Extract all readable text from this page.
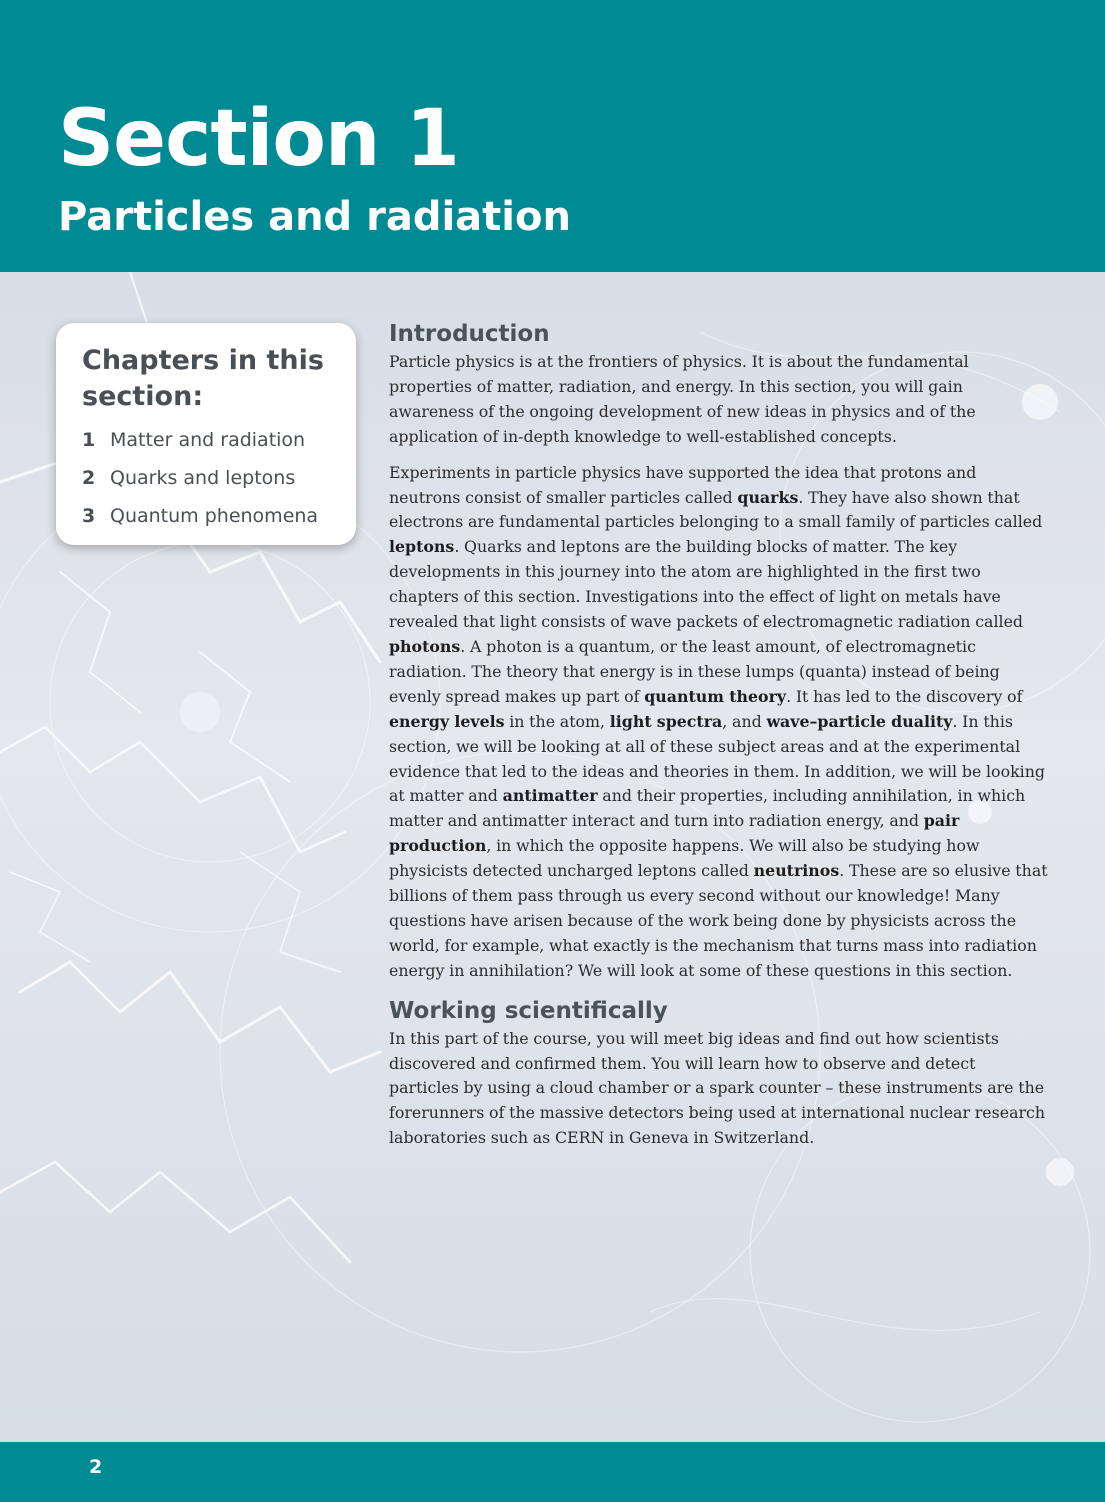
Section 1
Particles and radiation
Chapters in this section:
1 Matter and radiation
2 Quarks and leptons
3 Quantum phenomena
Introduction

Particle physics is at the frontiers of physics. It is about the fundamental properties of matter, radiation, and energy. In this section, you will gain awareness of the ongoing development of new ideas in physics and of the application of in-depth knowledge to well-established concepts.

Experiments in particle physics have supported the idea that protons and neutrons consist of smaller particles called quarks. They have also shown that electrons are fundamental particles belonging to a small family of particles called leptons. Quarks and leptons are the building blocks of matter. The key developments in this journey into the atom are highlighted in the first two chapters of this section. Investigations into the effect of light on metals have revealed that light consists of wave packets of electromagnetic radiation called photons. A photon is a quantum, or the least amount, of electromagnetic radiation. The theory that energy is in these lumps (quanta) instead of being evenly spread makes up part of quantum theory. It has led to the discovery of energy levels in the atom, light spectra, and wave–particle duality. In this section, we will be looking at all of these subject areas and at the experimental evidence that led to the ideas and theories in them. In addition, we will be looking at matter and antimatter and their properties, including annihilation, in which matter and antimatter interact and turn into radiation energy, and pair production, in which the opposite happens. We will also be studying how physicists detected uncharged leptons called neutrinos. These are so elusive that billions of them pass through us every second without our knowledge! Many questions have arisen because of the work being done by physicists across the world, for example, what exactly is the mechanism that turns mass into radiation energy in annihilation? We will look at some of these questions in this section.

Working scientifically

In this part of the course, you will meet big ideas and find out how scientists discovered and confirmed them. You will learn how to observe and detect particles by using a cloud chamber or a spark counter – these instruments are the forerunners of the massive detectors being used at international nuclear research laboratories such as CERN in Geneva in Switzerland.

2
